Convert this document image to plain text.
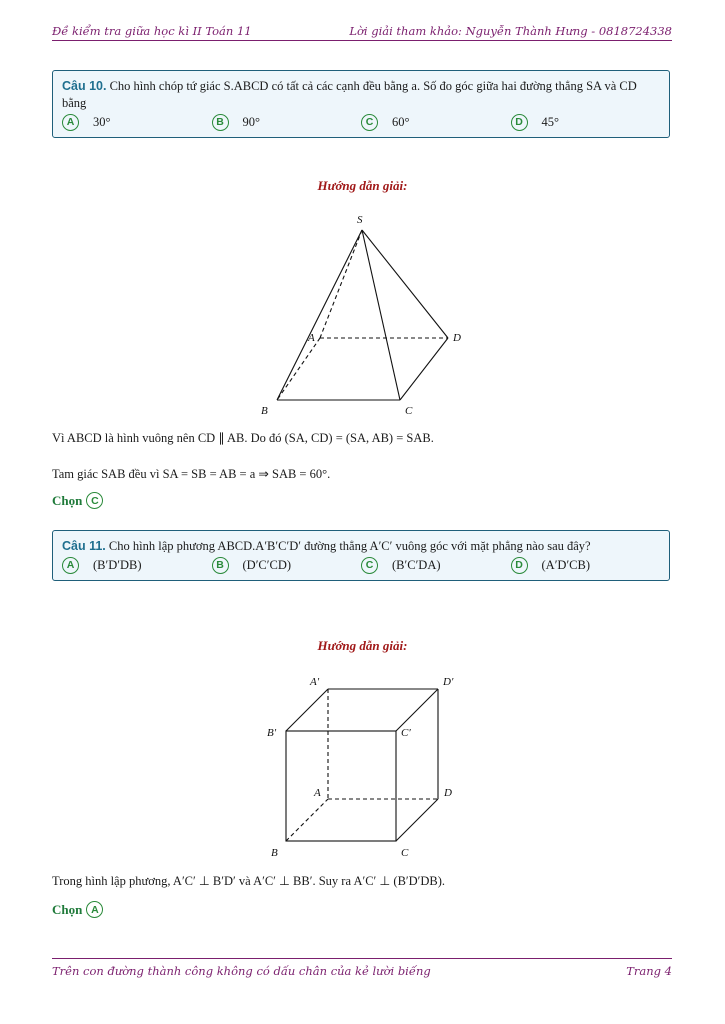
Đề kiểm tra giữa học kì II Toán 11	Lời giải tham khảo: Nguyễn Thành Hưng - 0818724338
Câu 10. Cho hình chóp tứ giác S.ABCD có tất cả các cạnh đều bằng a. Số đo góc giữa hai đường thẳng SA và CD bằng
A	30°	B	90°	C	60°	D	45°
Hướng dẫn giải:
S
A	D
B	C
Vì ABCD là hình vuông nên CD ∥ AB. Do đó (SA, CD) = (SA, AB) = SAB.
Tam giác SAB đều vì SA = SB = AB = a ⇒ SAB = 60°.
Chọn C
Câu 11. Cho hình lập phương ABCD.A′B′C′D′ đường thẳng A′C′ vuông góc với mặt phẳng nào sau đây?
A	(B′D′DB)	B	(D′C′CD)	C	(B′C′DA)	D	(A′D′CB)
Hướng dẫn giải:
A′	D′
B′	C′
A	D
B	C
Trong hình lập phương, A′C′ ⊥ B′D′ và A′C′ ⊥ BB′. Suy ra A′C′ ⊥ (B′D′DB).
Chọn A
Trên con đường thành công không có dấu chân của kẻ lười biếng	Trang 4
